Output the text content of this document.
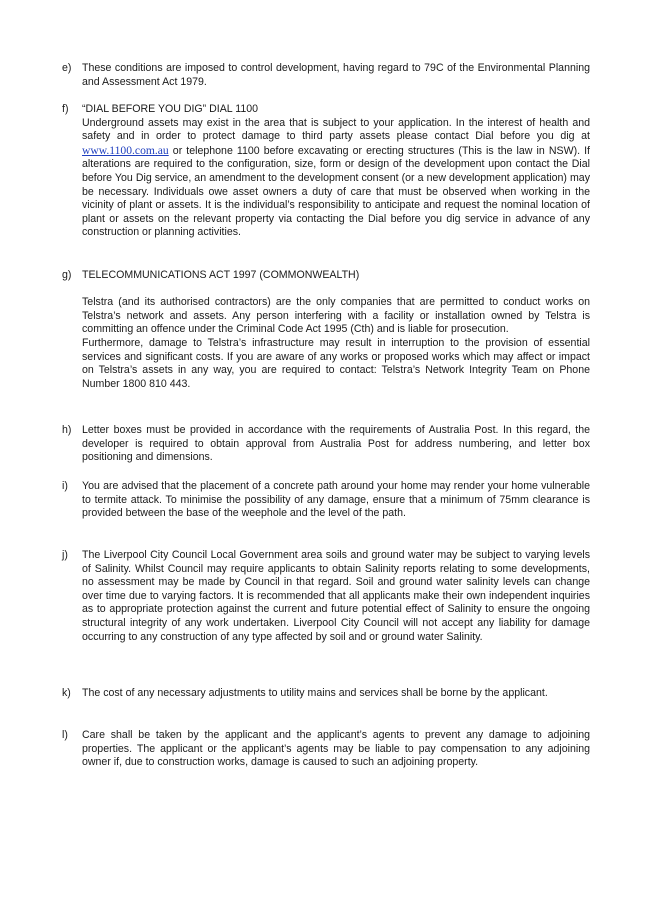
e) These conditions are imposed to control development, having regard to 79C of the Environmental Planning and Assessment Act 1979.

f)	“DIAL BEFORE YOU DIG” DIAL 1100

Underground assets may exist in the area that is subject to your application. In the interest of health and safety and in order to protect damage to third party assets please contact Dial before you dig at www.1100.com.au or telephone 1100 before excavating or erecting structures (This is the law in NSW). If alterations are required to the configuration, size, form or design of the development upon contact the Dial before You Dig service, an amendment to the development consent (or a new development application) may be necessary. Individuals owe asset owners a duty of care that must be observed when working in the vicinity of plant or assets. It is the individual’s responsibility to anticipate and request the nominal location of plant or assets on the relevant property via contacting the Dial before you dig service in advance of any construction or planning activities.

g) TELECOMMUNICATIONS ACT 1997 (COMMONWEALTH)

Telstra (and its authorised contractors) are the only companies that are permitted to conduct works on Telstra’s network and assets. Any person interfering with a facility or installation owned by Telstra is committing an offence under the Criminal Code Act 1995 (Cth) and is liable for prosecution.

Furthermore, damage to Telstra’s infrastructure may result in interruption to the provision of essential services and significant costs. If you are aware of any works or proposed works which may affect or impact on Telstra’s assets in any way, you are required to contact: Telstra’s Network Integrity Team on Phone Number 1800 810 443.

h) Letter boxes must be provided in accordance with the requirements of Australia Post. In this regard, the developer is required to obtain approval from Australia Post for address numbering, and letter box positioning and dimensions.

i)	You are advised that the placement of a concrete path around your home may render your home vulnerable to termite attack. To minimise the possibility of any damage, ensure that a minimum of 75mm clearance is provided between the base of the weephole and the level of the path.

j)	The Liverpool City Council Local Government area soils and ground water may be subject to varying levels of Salinity. Whilst Council may require applicants to obtain Salinity reports relating to some developments, no assessment may be made by Council in that regard. Soil and ground water salinity levels can change over time due to varying factors. It is recommended that all applicants make their own independent inquiries as to appropriate protection against the current and future potential effect of Salinity to ensure the ongoing structural integrity of any work undertaken. Liverpool City Council will not accept any liability for damage occurring to any construction of any type affected by soil and or ground water Salinity.

k)	The cost of any necessary adjustments to utility mains and services shall be borne by the applicant.

l)	Care shall be taken by the applicant and the applicant’s agents to prevent any damage to adjoining properties. The applicant or the applicant’s agents may be liable to pay compensation to any adjoining owner if, due to construction works, damage is caused to such an adjoining property.
